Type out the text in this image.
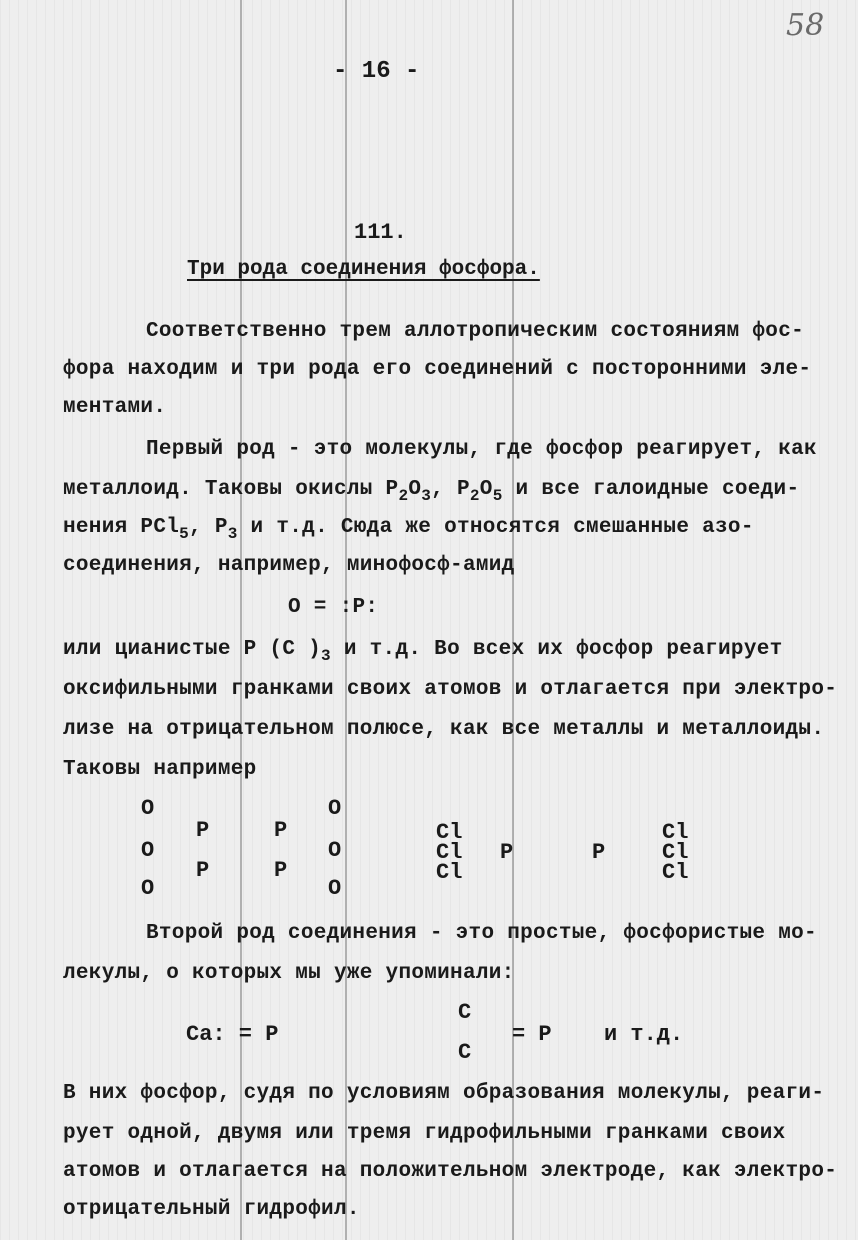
58
- 16 -
111.
Три рода соединения фосфора.
Соответственно трем аллотропическим состояниям фос-
фора находим и три рода его соединений с посторонними эле-
ментами.
Первый род - это молекулы, где фосфор реагирует, как
металлоид. Таковы окислы $P_2O_3$, $P_2O_5$ и все галоидные соеди-
нения PCl$_5$, $P_3$ и т.д. Сюда же относятся смешанные азо-
соединения, например, минофосф-амид
O = :P:
или цианистые P (C )$_3$ и т.д. Во всех их фосфор реагирует
оксифильными гранками своих атомов и отлагается при электро-
лизе на отрицательном полюсе, как все металлы и металлоиды.
Таковы например
O
O
O
P
P
P
P
O
O
O
Cl
Cl
Cl
P	P
Cl
Cl
Cl
Второй род соединения - это простые, фосфористые мо-
лекулы, о которых мы уже упоминали:
Ca: = P
C
C
= P и т.д.
В них фосфор, судя по условиям образования молекулы, реаги-
рует одной, двумя или тремя гидрофильными гранками своих
атомов и отлагается на положительном электроде, как электро-
отрицательный гидрофил.
